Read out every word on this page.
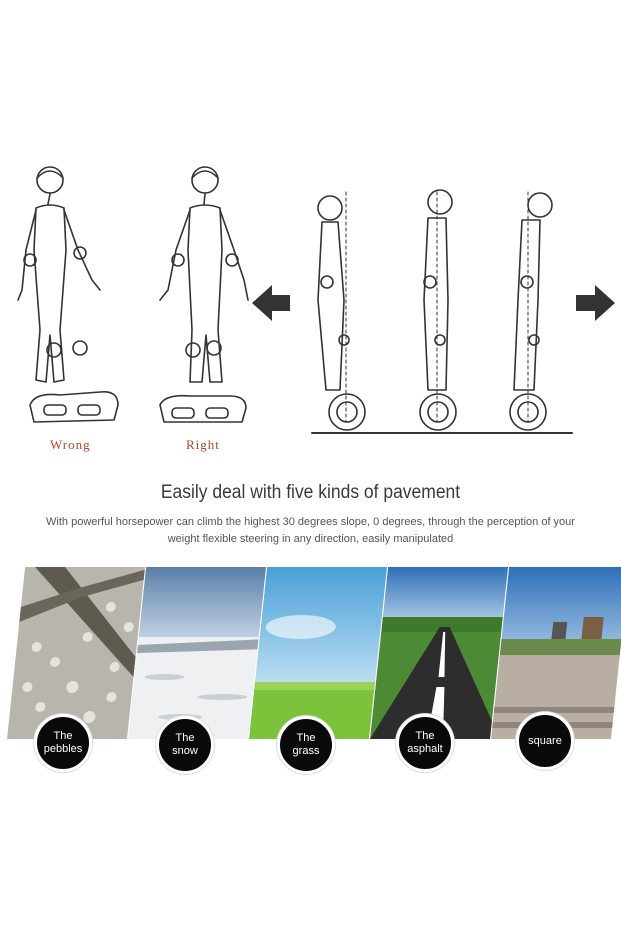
Wrong	Right
Easily deal with five kinds of pavement
With powerful horsepower can climb the highest 30 degrees slope, 0 degrees, through the perception of your weight flexible steering in any direction, easily manipulated
The
pebbles
The
snow
The
grass
The
asphalt
square
